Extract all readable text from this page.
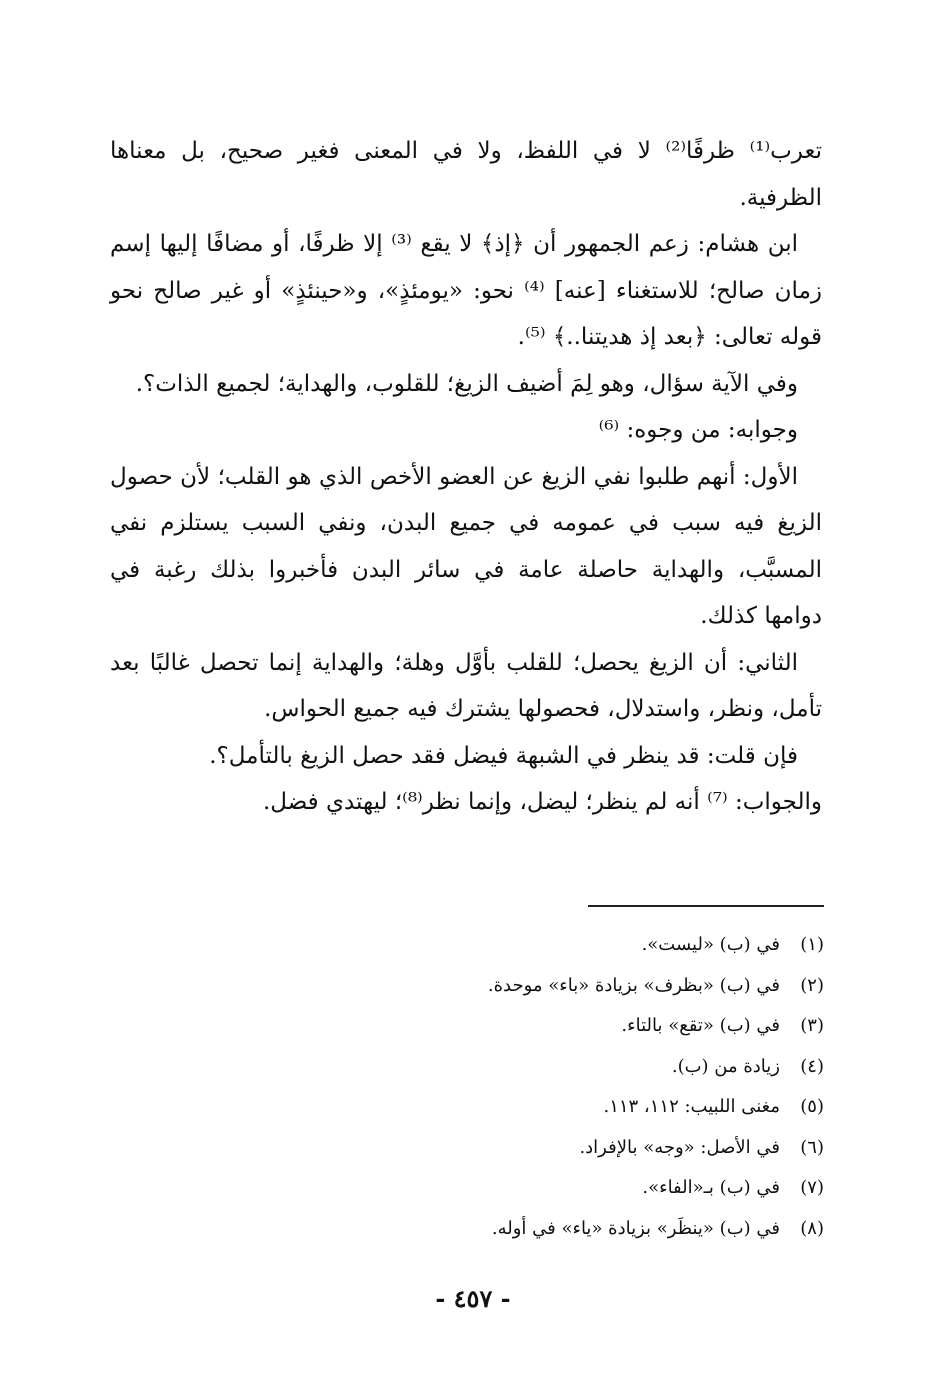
تعرب⁽¹⁾ ظرفًا⁽²⁾ لا في اللفظ، ولا في المعنى فغير صحيح، بل معناها الظرفية.

ابن هشام: زعم الجمهور أن ﴿إذ﴾ لا يقع ⁽³⁾ إلا ظرفًا، أو مضافًا إليها إسم زمان صالح؛ للاستغناء [عنه] ⁽⁴⁾ نحو: «يومئذٍ»، و«حينئذٍ» أو غير صالح نحو قوله تعالى: ﴿بعد إذ هديتنا..﴾ ⁽⁵⁾.

وفي الآية سؤال، وهو لِمَ أضيف الزيغ؛ للقلوب، والهداية؛ لجميع الذات؟.

وجوابه: من وجوه: ⁽⁶⁾

الأول: أنهم طلبوا نفي الزيغ عن العضو الأخص الذي هو القلب؛ لأن حصول الزيغ فيه سبب في عمومه في جميع البدن، ونفي السبب يستلزم نفي المسبَّب، والهداية حاصلة عامة في سائر البدن فأخبروا بذلك رغبة في دوامها كذلك.

الثاني: أن الزيغ يحصل؛ للقلب بأوَّل وهلة؛ والهداية إنما تحصل غالبًا بعد تأمل، ونظر، واستدلال، فحصولها يشترك فيه جميع الحواس.

فإن قلت: قد ينظر في الشبهة فيضل فقد حصل الزيغ بالتأمل؟.

والجواب: ⁽⁷⁾ أنه لم ينظر؛ ليضل، وإنما نظر⁽⁸⁾؛ ليهتدي فضل.

(١)
في (ب) «ليست».
(٢)
في (ب) «بظرف» بزيادة «باء» موحدة.
(٣)
في (ب) «تقع» بالتاء.
(٤)
زيادة من (ب).
(٥)
مغنى اللبيب: ١١٢، ١١٣.
(٦)
في الأصل: «وجه» بالإفراد.
(٧)
في (ب) بـ«الفاء».
(٨)
في (ب) «ينظَر» بزيادة «ياء» في أوله.
- ٤٥٧ -
